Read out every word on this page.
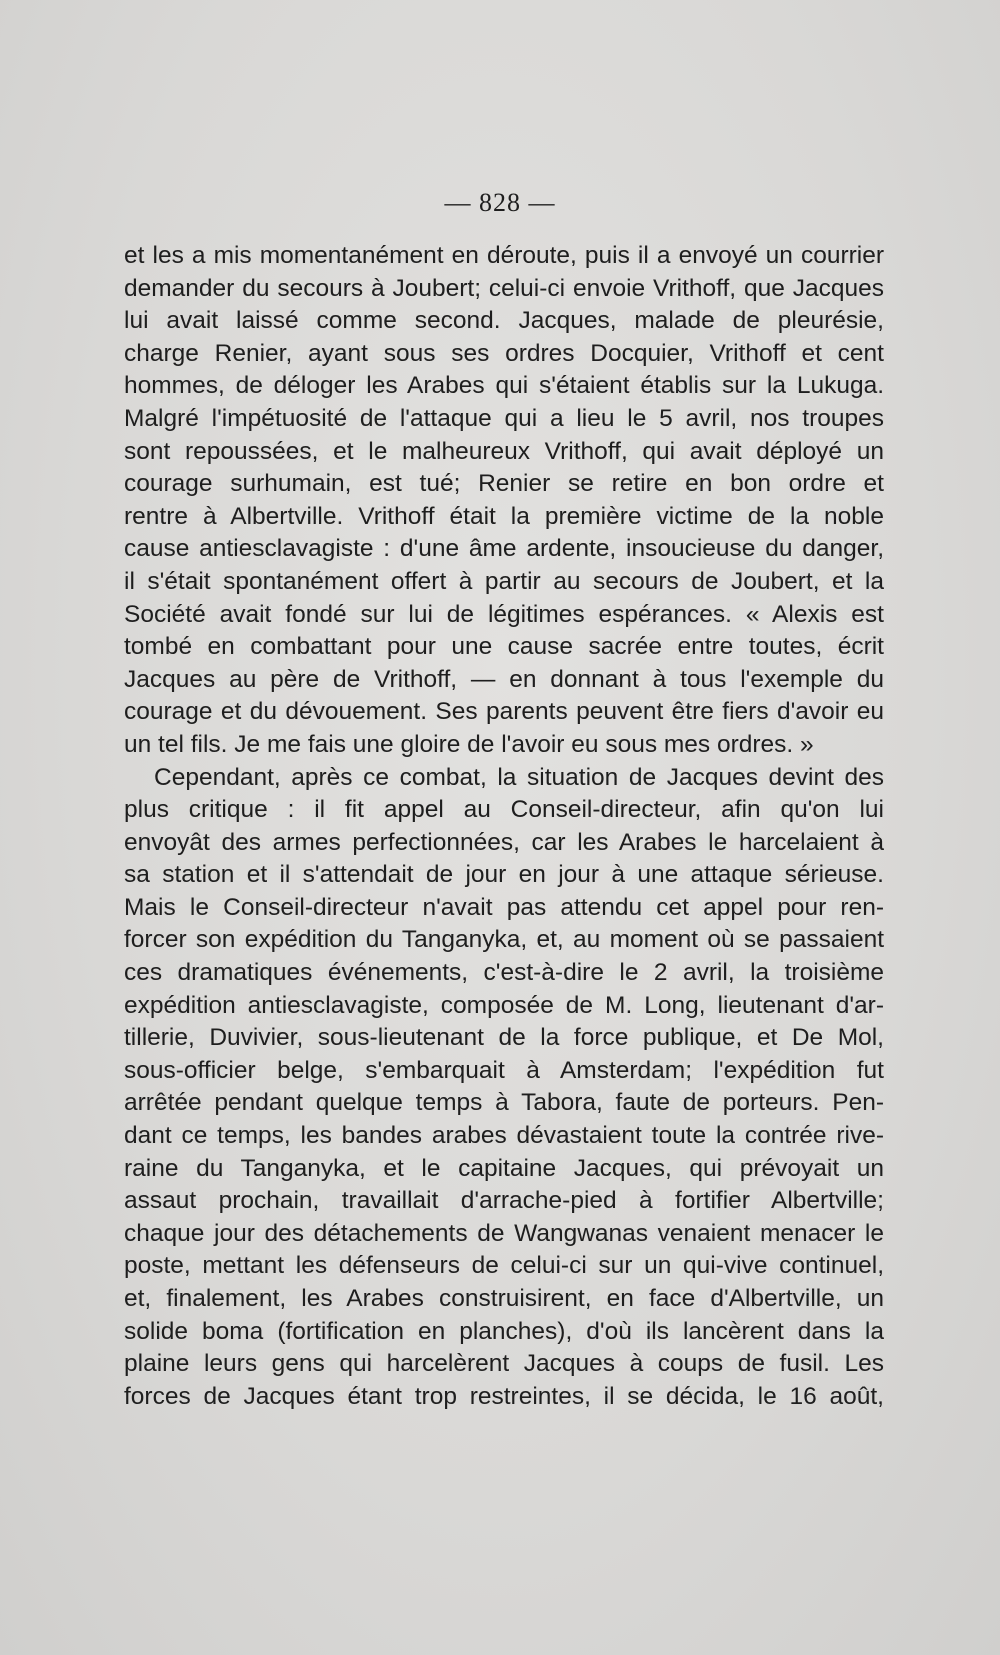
— 828 —
et les a mis momentanément en déroute, puis il a envoyé un courrier
demander du secours à Joubert; celui-ci envoie Vrithoff, que Jacques
lui avait laissé comme second. Jacques, malade de pleurésie,
charge Renier, ayant sous ses ordres Docquier, Vrithoff et cent
hommes, de déloger les Arabes qui s'étaient établis sur la Lukuga.
Malgré l'impétuosité de l'attaque qui a lieu le 5 avril, nos troupes
sont repoussées, et le malheureux Vrithoff, qui avait déployé un
courage surhumain, est tué; Renier se retire en bon ordre et
rentre à Albertville. Vrithoff était la première victime de la noble
cause antiesclavagiste : d'une âme ardente, insoucieuse du danger,
il s'était spontanément offert à partir au secours de Joubert, et la
Société avait fondé sur lui de légitimes espérances. « Alexis est
tombé en combattant pour une cause sacrée entre toutes, écrit
Jacques au père de Vrithoff, — en donnant à tous l'exemple du
courage et du dévouement. Ses parents peuvent être fiers d'avoir eu
un tel fils. Je me fais une gloire de l'avoir eu sous mes ordres. »
Cependant, après ce combat, la situation de Jacques devint des
plus critique : il fit appel au Conseil-directeur, afin qu'on lui
envoyât des armes perfectionnées, car les Arabes le harcelaient à
sa station et il s'attendait de jour en jour à une attaque sérieuse.
Mais le Conseil-directeur n'avait pas attendu cet appel pour ren-
forcer son expédition du Tanganyka, et, au moment où se passaient
ces dramatiques événements, c'est-à-dire le 2 avril, la troisième
expédition antiesclavagiste, composée de M. Long, lieutenant d'ar-
tillerie, Duvivier, sous-lieutenant de la force publique, et De Mol,
sous-officier belge, s'embarquait à Amsterdam; l'expédition fut
arrêtée pendant quelque temps à Tabora, faute de porteurs. Pen-
dant ce temps, les bandes arabes dévastaient toute la contrée rive-
raine du Tanganyka, et le capitaine Jacques, qui prévoyait un
assaut prochain, travaillait d'arrache-pied à fortifier Albertville;
chaque jour des détachements de Wangwanas venaient menacer le
poste, mettant les défenseurs de celui-ci sur un qui-vive continuel,
et, finalement, les Arabes construisirent, en face d'Albertville, un
solide boma (fortification en planches), d'où ils lancèrent dans la
plaine leurs gens qui harcelèrent Jacques à coups de fusil. Les
forces de Jacques étant trop restreintes, il se décida, le 16 août,
